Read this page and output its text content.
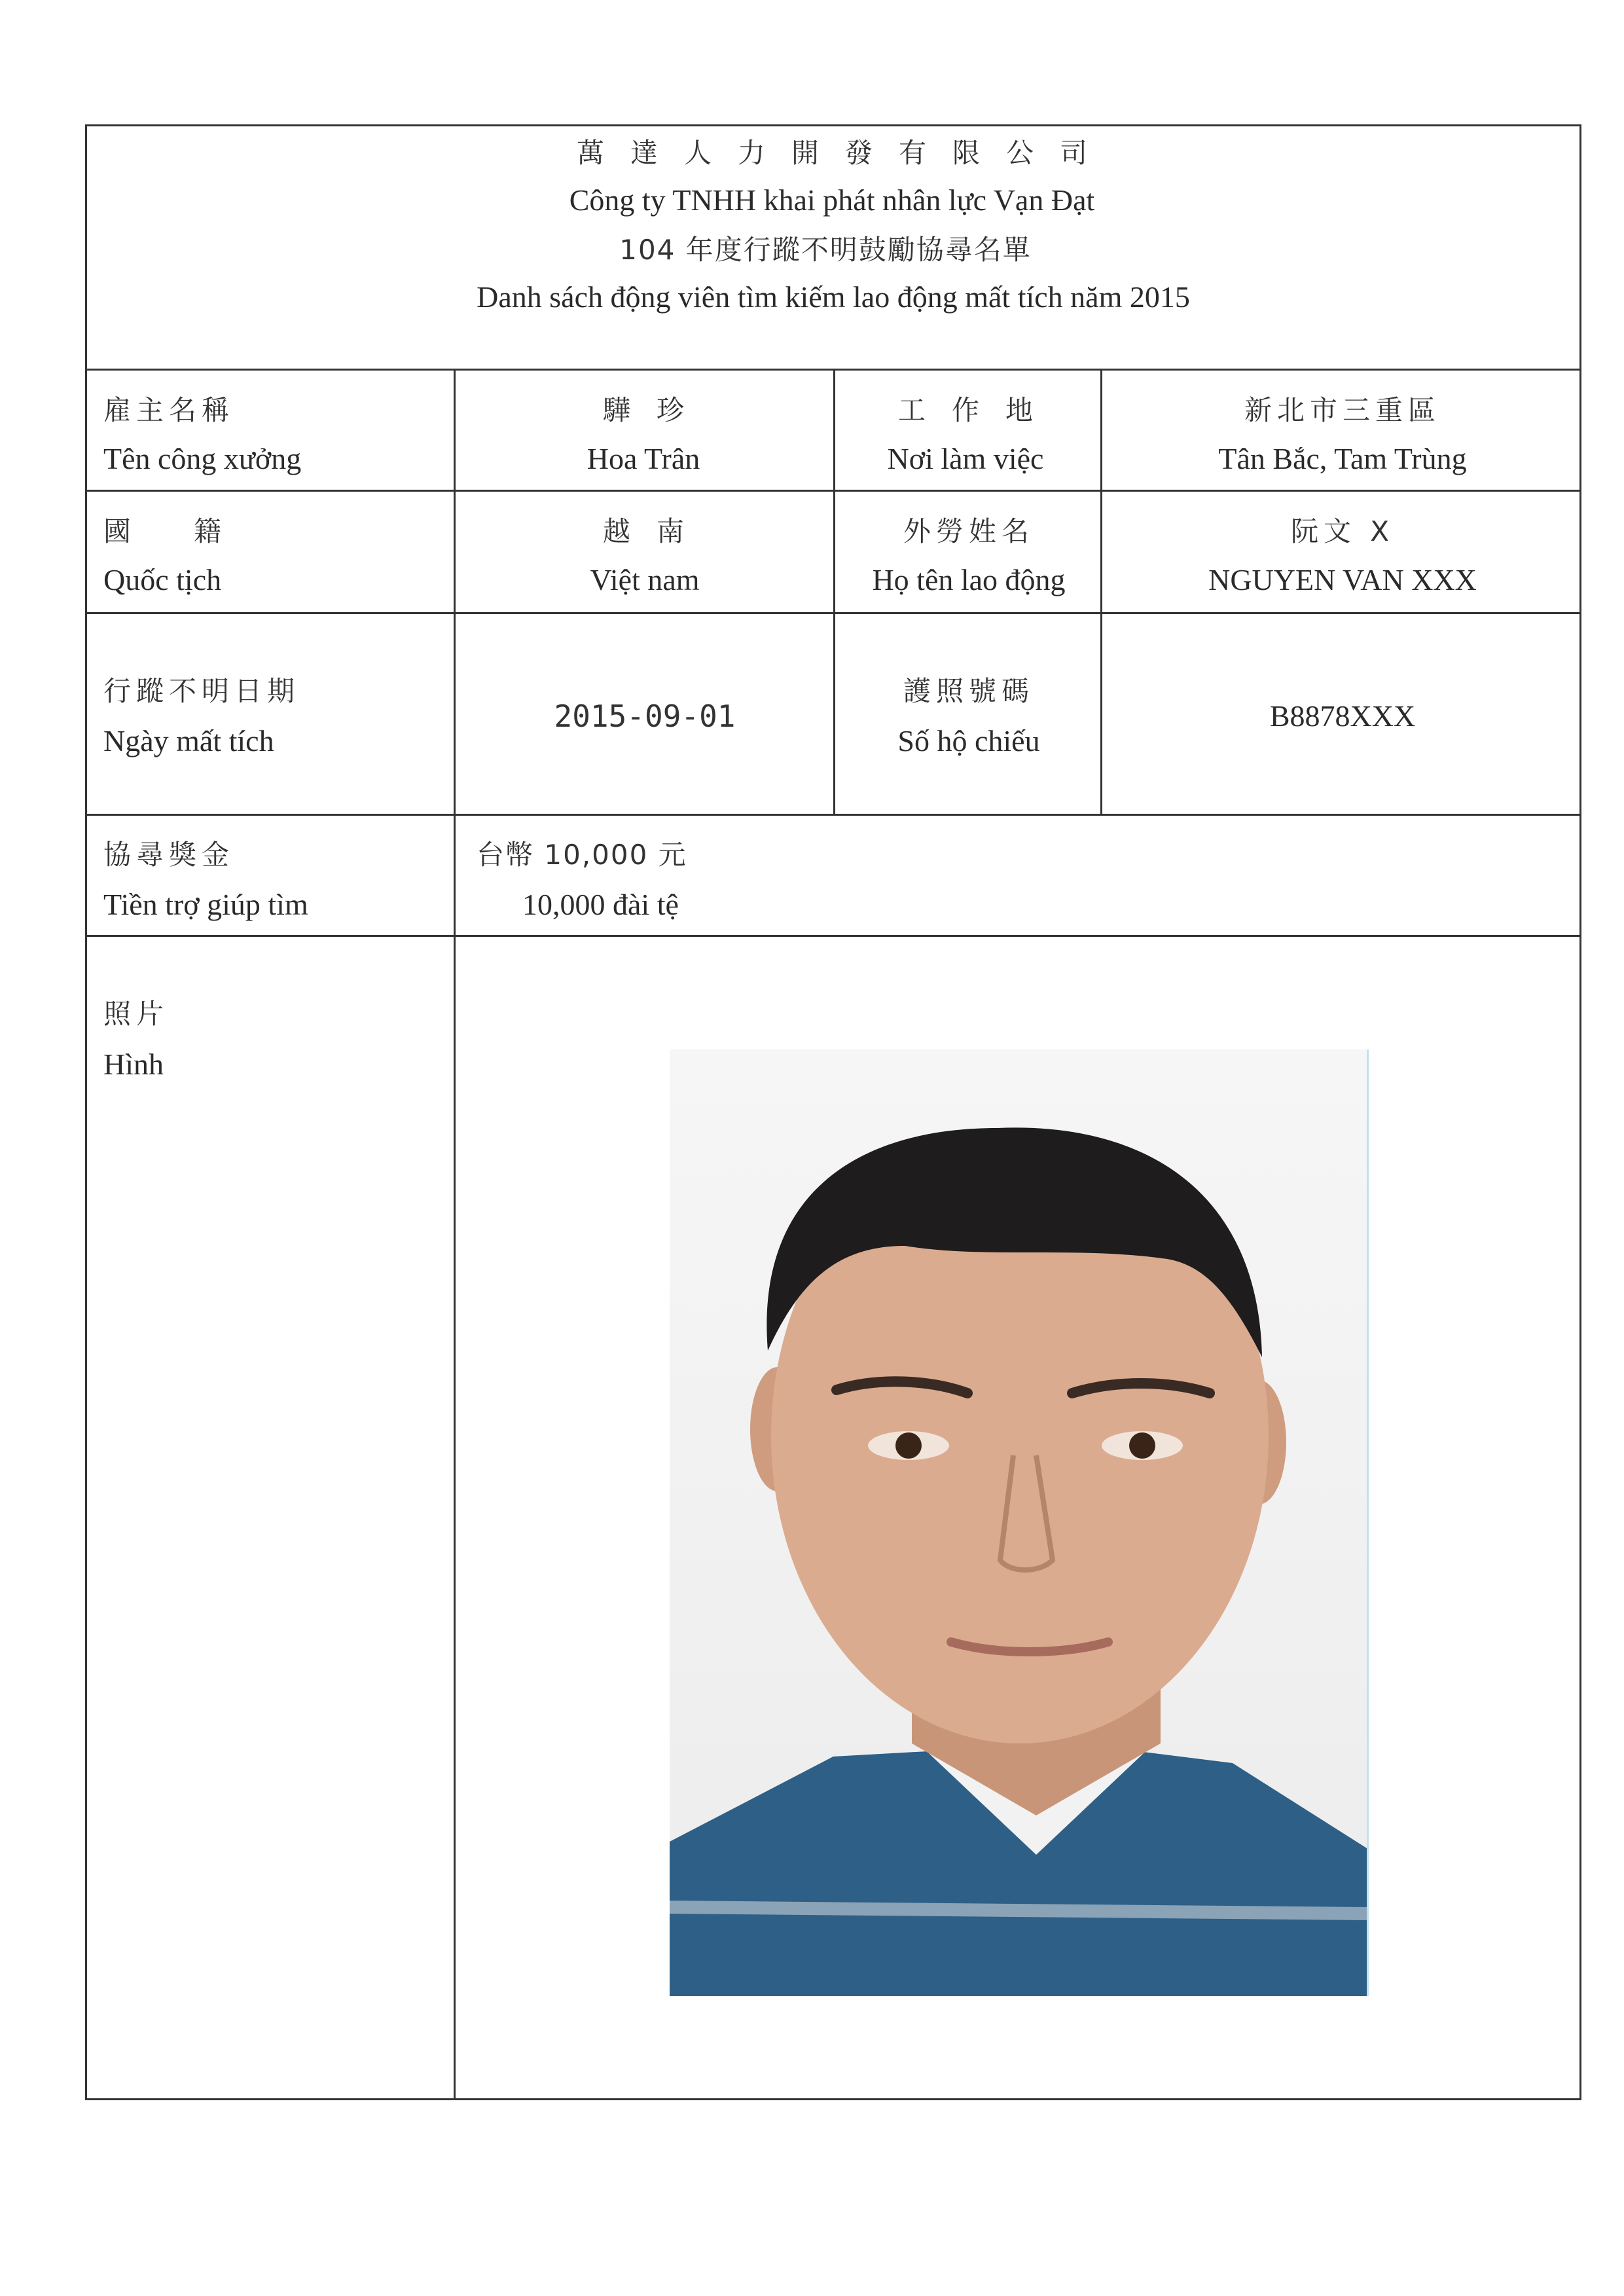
萬達人力開發有限公司
Công ty TNHH khai phát nhân lực Vạn Đạt
104 年度行蹤不明鼓勵協尋名單
Danh sách động viên tìm kiếm lao động mất tích năm 2015
雇主名稱
Tên công xưởng
驊珍
Hoa Trân
工作地
Nơi làm việc
新北市三重區
Tân Bắc, Tam Trùng
國籍
Quốc tịch
越南
Việt nam
外勞姓名
Họ tên lao động
阮文 X
NGUYEN VAN XXX
行蹤不明日期
Ngày mất tích
2015-09-01
護照號碼
Số hộ chiếu
B8878XXX
協尋獎金
Tiền trợ giúp tìm
台幣 10,000 元
10,000 đài tệ
照片
Hình
